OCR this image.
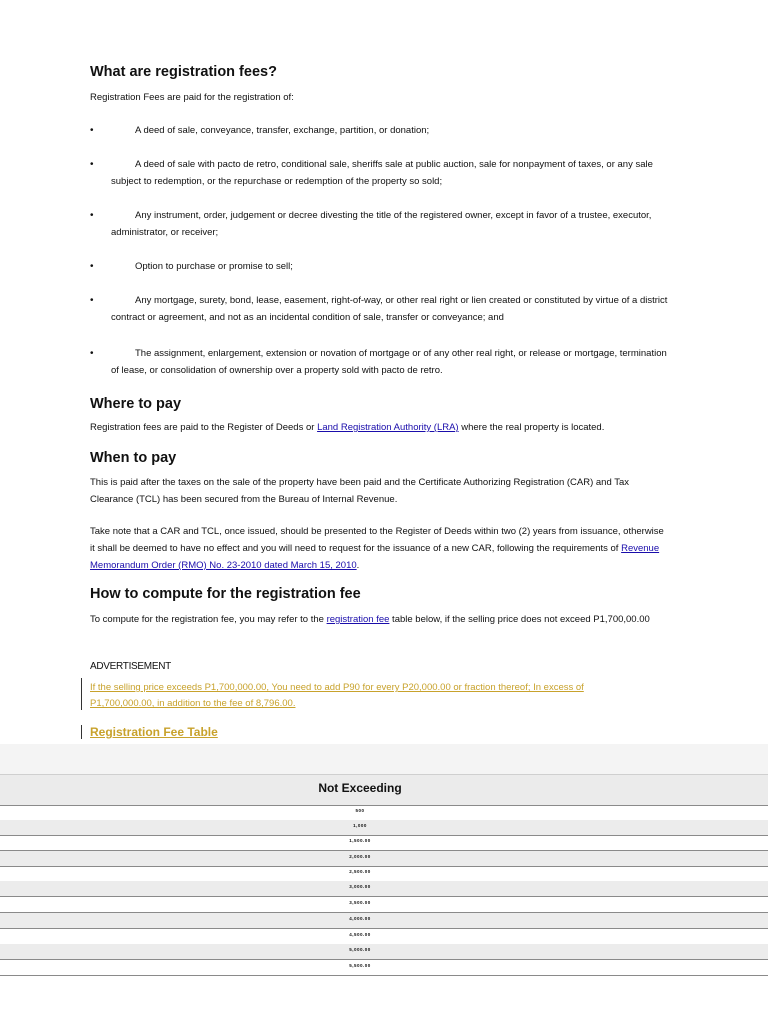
What are registration fees?

Registration Fees are paid for the registration of:

•	A deed of sale, conveyance, transfer, exchange, partition, or donation;
•	A deed of sale with pacto de retro, conditional sale, sheriffs sale at public auction, sale for nonpayment of taxes, or any sale subject to redemption, or the repurchase or redemption of the property so sold;
•	Any instrument, order, judgement or decree divesting the title of the registered owner, except in favor of a trustee, executor, administrator, or receiver;
•	Option to purchase or promise to sell;
•	Any mortgage, surety, bond, lease, easement, right-of-way, or other real right or lien created or constituted by virtue of a district contract or agreement, and not as an incidental condition of sale, transfer or conveyance; and
•	The assignment, enlargement, extension or novation of mortgage or of any other real right, or release or mortgage, termination of lease, or consolidation of ownership over a property sold with pacto de retro.
Where to pay

Registration fees are paid to the Register of Deeds or Land Registration Authority (LRA) where the real property is located.

When to pay

This is paid after the taxes on the sale of the property have been paid and the Certificate Authorizing Registration (CAR) and Tax Clearance (TCL) has been secured from the Bureau of Internal Revenue.

Take note that a CAR and TCL, once issued, should be presented to the Register of Deeds within two (2) years from issuance, otherwise it shall be deemed to have no effect and you will need to request for the issuance of a new CAR, following the requirements of Revenue Memorandum Order (RMO) No. 23-2010 dated March 15, 2010.

How to compute for the registration fee

To compute for the registration fee, you may refer to the registration fee table below, if the selling price does not exceed P1,700,00.00

ADVERTISEMENT
If the selling price exceeds P1,700,000.00, You need to add P90 for every P20,000.00 or fraction thereof; In excess of P1,700,000.00, in addition to the fee of 8,796.00.
Registration Fee Table
Not Exceeding
500
1,000
1,500.00
2,000.00
2,500.00
3,000.00
3,500.00
4,000.00
4,500.00
5,000.00
5,500.00
